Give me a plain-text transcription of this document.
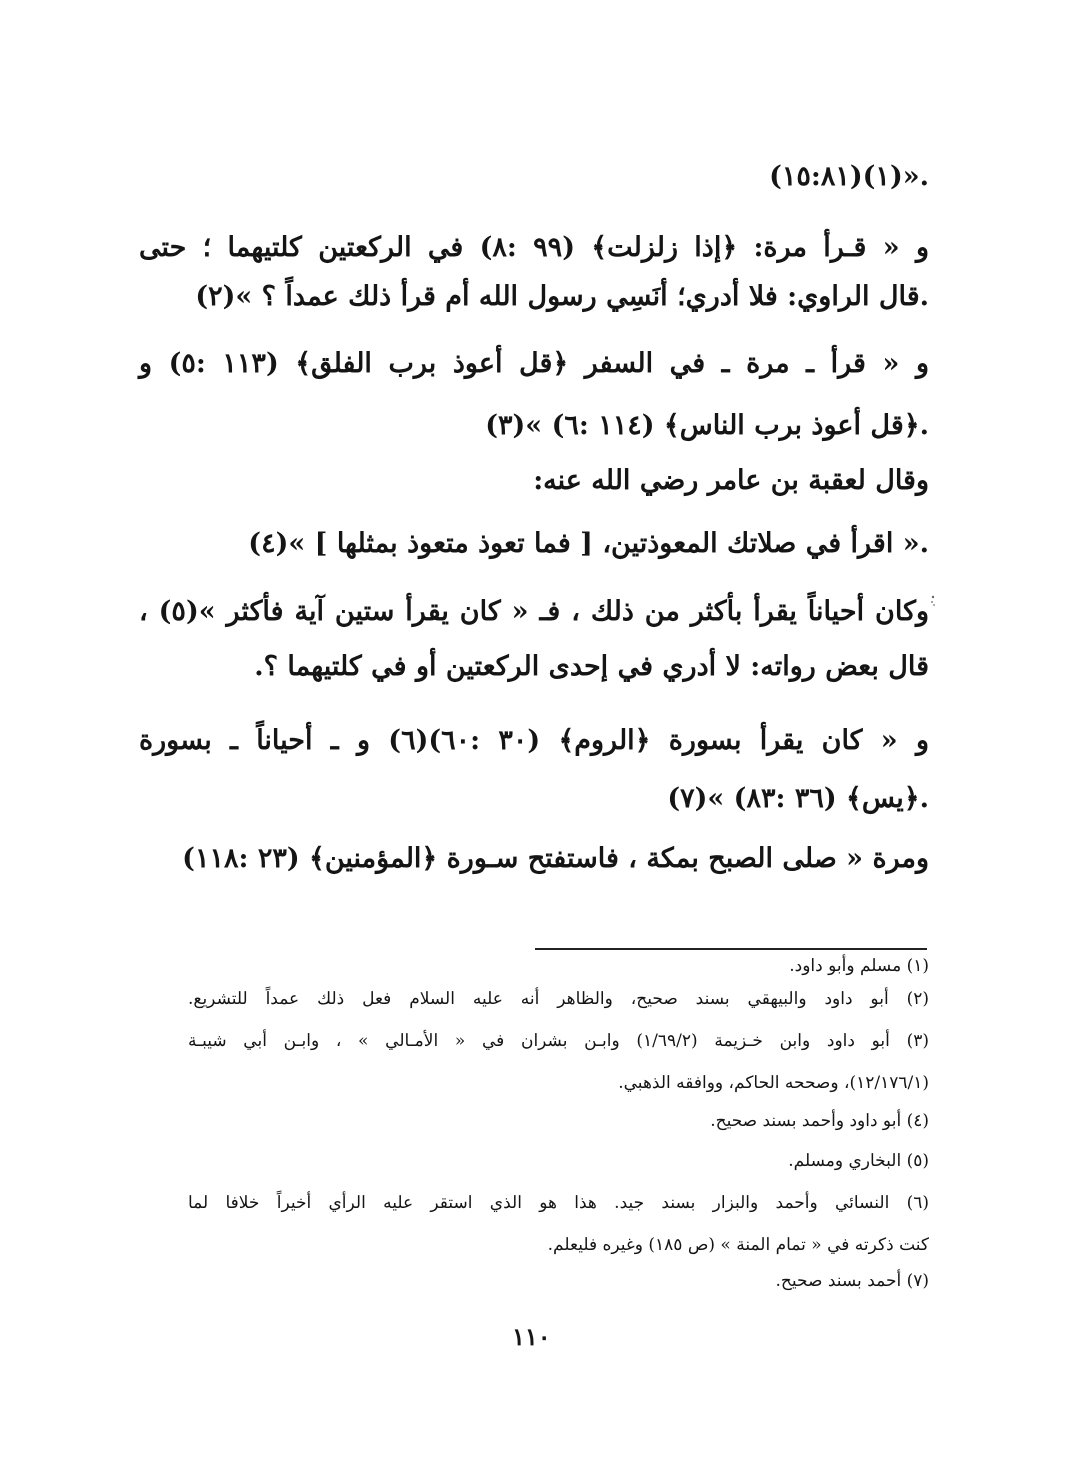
.«(١)(١٥:٨١)
و « قـرأ مرة: ﴿إذا زلزلت﴾ (٩٩ :٨) في الركعتين كلتيهما ؛ حتى
.قال الراوي: فلا أدري؛ أنَسِي رسول الله أم قرأ ذلك عمداً ؟ »(٢)
و « قرأ ـ مرة ـ في السفر ﴿قل أعوذ برب الفلق﴾ (١١٣ :٥) و
.﴿قل أعوذ برب الناس﴾ (١١٤ :٦) »(٣)
وقال لعقبة بن عامر رضي الله عنه:
.« اقرأ في صلاتك المعوذتين، [ فما تعوذ متعوذ بمثلها ] »(٤)
وكان أحياناً يقرأ بأكثر من ذلك ، فـ « كان يقرأ ستين آية فأكثر »(٥) ،
قال بعض رواته: لا أدري في إحدى الركعتين أو في كلتيهما ؟.
و « كان يقرأ بسورة ﴿الروم﴾ (٣٠ :٦٠)(٦) و ـ أحياناً ـ بسورة
.﴿يس﴾ (٣٦ :٨٣) »(٧)
ومرة « صلى الصبح بمكة ، فاستفتح سـورة ﴿المؤمنين﴾ (٢٣ :١١٨)
(١) مسلم وأبو داود.
(٢) أبو داود والبيهقي بسند صحيح، والظاهر أنه عليه السلام فعل ذلك عمداً للتشريع.
(٣) أبو داود وابن خـزيمة (١/٦٩/٢) وابـن بشران في « الأمـالي » ، وابـن أبي شيبـة
(١٢/١٧٦/١)، وصححه الحاكم، ووافقه الذهبي.
(٤) أبو داود وأحمد بسند صحيح.
(٥) البخاري ومسلم.
(٦) النسائي وأحمد والبزار بسند جيد. هذا هو الذي استقر عليه الرأي أخيراً خلافا لما
كنت ذكرته في « تمام المنة » (ص ١٨٥) وغيره فليعلم.
(٧) أحمد بسند صحيح.
١١٠
